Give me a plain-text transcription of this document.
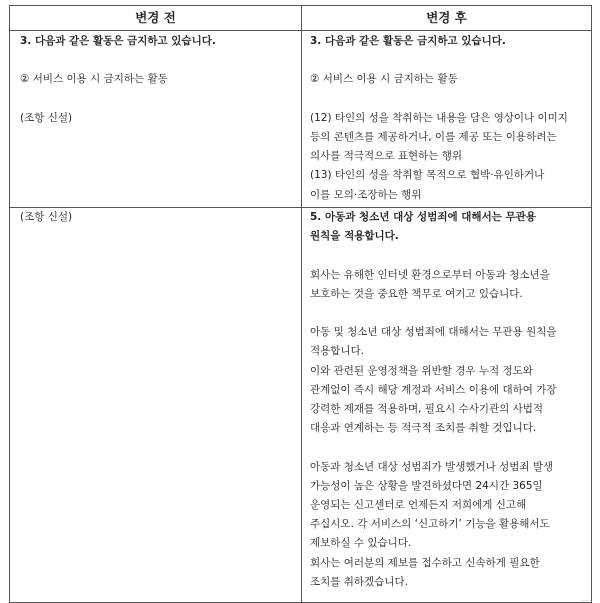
변경 전	변경 후

3. 다음과 같은 활동은 금지하고 있습니다.

② 서비스 이용 시 금지하는 활동

(조항 신설)

3. 다음과 같은 활동은 금지하고 있습니다.

② 서비스 이용 시 금지하는 활동

(12) 타인의 성을 착취하는 내용을 담은 영상이나 이미지

등의 콘텐츠를 제공하거나, 이를 제공 또는 이용하려는

의사를 적극적으로 표현하는 행위

(13) 타인의 성을 착취할 목적으로 협박·유인하거나

이를 모의·조장하는 행위

(조항 신설)	5. 아동과 청소년 대상 성범죄에 대해서는 무관용

원칙을 적용합니다.

회사는 유해한 인터넷 환경으로부터 아동과 청소년을

보호하는 것을 중요한 책무로 여기고 있습니다.

아동 및 청소년 대상 성범죄에 대해서는 무관용 원칙을

적용합니다.

이와 관련된 운영정책을 위반할 경우 누적 정도와

관계없이 즉시 해당 계정과 서비스 이용에 대하여 가장

강력한 제재를 적용하며, 필요시 수사기관의 사법적

대응과 연계하는 등 적극적 조치를 취할 것입니다.

아동과 청소년 대상 성범죄가 발생했거나 성범죄 발생

가능성이 높은 상황을 발견하셨다면 24시간 365일

운영되는 신고센터로 언제든지 저희에게 신고해

주십시오. 각 서비스의 ‘신고하기’ 기능을 활용해서도

제보하실 수 있습니다.

회사는 여러분의 제보를 접수하고 신속하게 필요한

조치를 취하겠습니다.

.....
